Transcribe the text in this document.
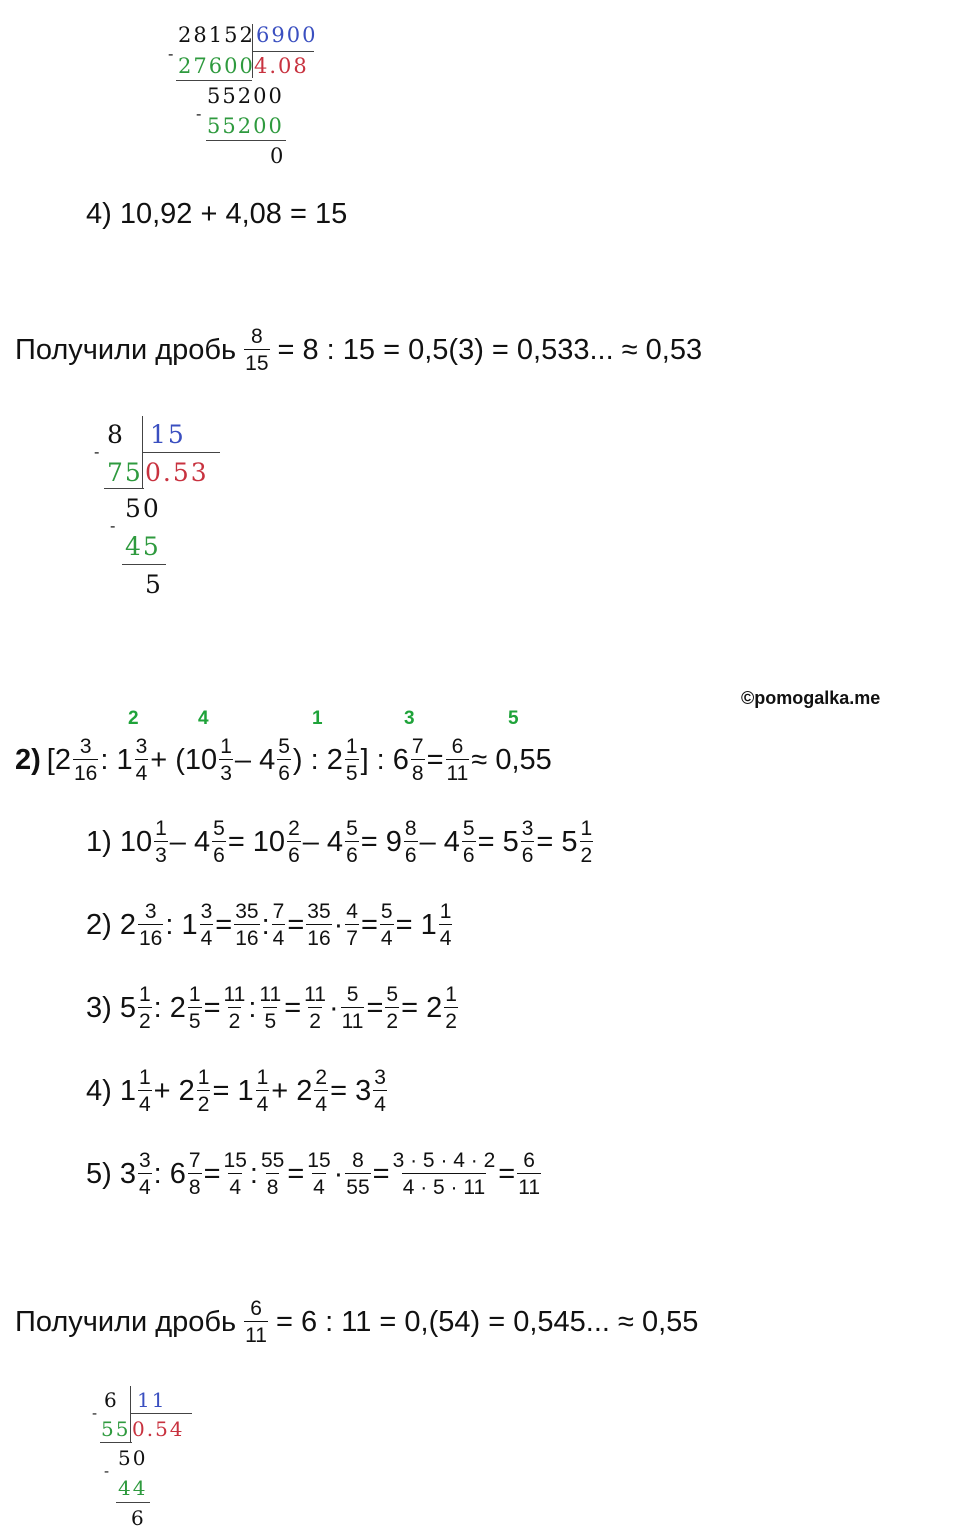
28152 6900
-
27600 4.08
55200
-
55200
0
4) 10,92 + 4,08 = 15
Получили дробь $\frac{8}{15} = 8$ : 15 = 0,5(3) = 0,533... ≈ 0,53
8 15
-
75 0.53
50
-
45
5
©pomogalka.me
2	4	1	3	5
2) [$2 \frac{3}{16}$ : $1 \frac{3}{4} + (10 \frac{1}{3} - 4 \frac{5}{6}$ ) : $2 \frac{1}{5}$ ] : $6 \frac{7}{8} = \frac{6}{11} \approx 0,55$
1) $10 \frac{1}{3} - 4 \frac{5}{6} = 10 \frac{2}{6} - 4 \frac{5}{6} = 9 \frac{8}{6} - 4 \frac{5}{6} = 5 \frac{3}{6} = 5 \frac{1}{2}$
2) $2 \frac{3}{16}$ : $1 \frac{3}{4} = \frac{35}{16}$ : $\frac{7}{4} = \frac{35}{16} \cdot \frac{4}{7} = \frac{5}{4} = 1 \frac{1}{4}$
3) $5 \frac{1}{2}$ : $2 \frac{1}{5} = \frac{11}{2}$ : $\frac{11}{5} = \frac{11}{2} \cdot \frac{5}{11} = \frac{5}{2} = 2 \frac{1}{2}$
4) $1 \frac{1}{4} + 2 \frac{1}{2} = 1 \frac{1}{4} + 2 \frac{2}{4} = 3 \frac{3}{4}$
5) $3 \frac{3}{4}$ : $6 \frac{7}{8} = \frac{15}{4}$ : $\frac{55}{8} = \frac{15}{4} \cdot \frac{8}{55} = \frac{3 \cdot 5 \cdot 4 \cdot 2}{4 \cdot 5 \cdot 11} = \frac{6}{11}$
Получили дробь $\frac{6}{11} = 6$ : 11 = 0,(54) = 0,545... ≈ 0,55
6 11
-
55 0.54
50
-
44
6
